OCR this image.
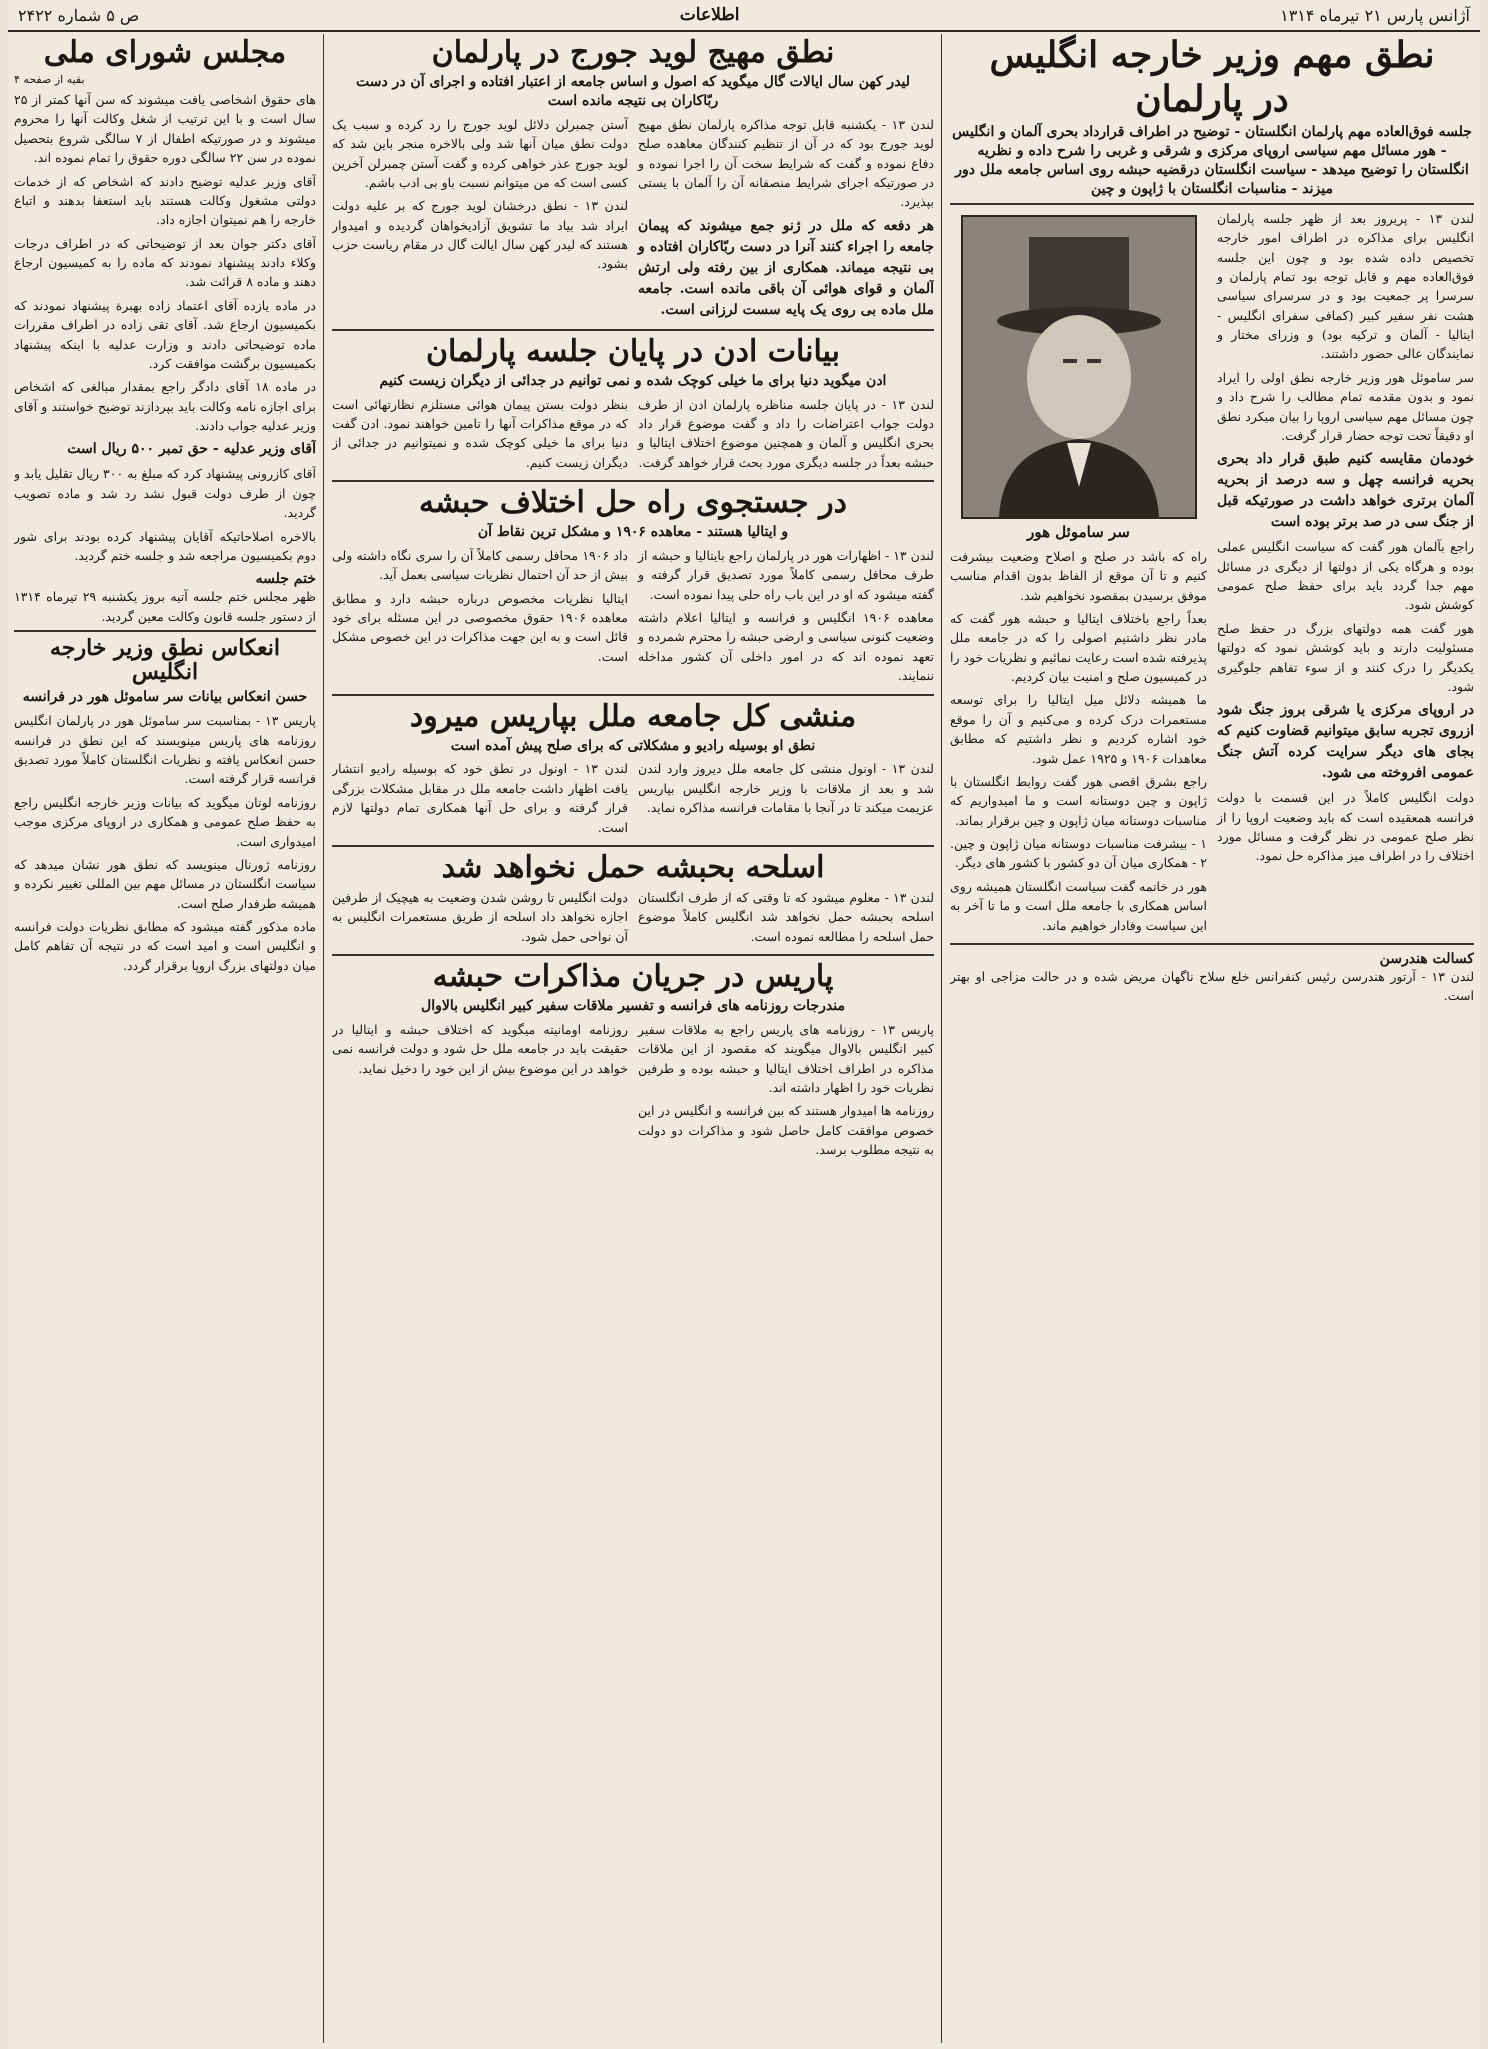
آژانس پارس ۲۱ تیرماه ۱۳۱۴
اطلاعات
ص ۵ شماره ۲۴۲۲
نطق مهم وزیر خارجه انگلیس
در پارلمان
جلسه فوق‌العاده مهم پارلمان انگلستان - توضیح در اطراف قرارداد بحری آلمان و انگلیس - هور مسائل مهم سیاسی اروپای مرکزی و شرقی و غربی را شرح داده و نظریه انگلستان را توضیح میدهد - سیاست انگلستان درقضیه حبشه روی اساس جامعه ملل دور میزند - مناسبات انگلستان با ژاپون و چین

لندن ۱۳ - پریروز بعد از ظهر جلسه پارلمان انگلیس برای مذاکره در اطراف امور خارجه تخصیص داده شده بود و چون این جلسه فوق‌العاده مهم و قابل توجه بود تمام پارلمان و سرسرا پر جمعیت بود و در سرسرای سیاسی هشت نفر سفیر کبیر (کمافی سفرای انگلیس - ایتالیا - آلمان و ترکیه بود) و وزرای مختار و نمایندگان عالی حضور داشتند.

سر ساموئل هور وزیر خارجه نطق اولی را ایراد نمود و بدون مقدمه تمام مطالب را شرح داد و چون مسائل مهم سیاسی اروپا را بیان میکرد نطق او دقیقاً تحت توجه حضار قرار گرفت.

خودمان مقایسه کنیم طبق قرار داد بحری بحریه فرانسه چهل و سه درصد از بحریه آلمان برتری خواهد داشت در صورتیکه قبل از جنگ سی در صد برتر بوده است

راجع بآلمان هور گفت که سیاست انگلیس عملی بوده و هرگاه یکی از دولتها از دیگری در مسائل مهم جدا گردد باید برای حفظ صلح عمومی کوشش شود.

هور گفت همه دولتهای بزرگ در حفظ صلح مسئولیت دارند و باید کوشش نمود که دولتها یکدیگر را درک کنند و از سوء تفاهم جلوگیری شود.

در اروپای مرکزی یا شرقی بروز جنگ شود ازروی تجربه سابق میتوانیم قضاوت کنیم که بجای های دیگر سرایت کرده آتش جنگ عمومی افروخته می شود.

دولت انگلیس کاملاً در این قسمت با دولت فرانسه همعقیده است که باید وضعیت اروپا را از نظر صلح عمومی در نظر گرفت و مسائل مورد اختلاف را در اطراف میز مذاکره حل نمود.

سر ساموئل هور

راه که باشد در صلح و اصلاح وضعیت بیشرفت کنیم و تا آن موقع از الفاظ بدون اقدام مناسب موفق برسیدن بمقصود نخواهیم شد.

بعداً راجع باختلاف ایتالیا و حبشه هور گفت که مادر نظر داشتیم اصولی را که در جامعه ملل پذیرفته شده است رعایت نمائیم و نظریات خود را در کمیسیون صلح و امنیت بیان کردیم.

ما همیشه دلائل میل ایتالیا را برای توسعه مستعمرات درک کرده و می‌کنیم و آن را موقع خود اشاره کردیم و نظر داشتیم که مطابق معاهدات ۱۹۰۶ و ۱۹۲۵ عمل شود.

راجع بشرق اقصی هور گفت روابط انگلستان با ژاپون و چین دوستانه است و ما امیدواریم که مناسبات دوستانه میان ژاپون و چین برقرار بماند.

۱ - بیشرفت مناسبات دوستانه میان ژاپون و چین. ۲ - همکاری میان آن دو کشور با کشور های دیگر.

هور در خاتمه گفت سیاست انگلستان همیشه روی اساس همکاری با جامعه ملل است و ما تا آخر به این سیاست وفادار خواهیم ماند.

کسالت هندرسن

لندن ۱۳ - آرتور هندرسن رئیس کنفرانس خلع سلاح ناگهان مریض شده و در حالت مزاجی او بهتر است.

نطق مهیج لوید جورج در پارلمان
لیدر کهن سال ایالات گال میگوید که اصول و اساس جامعه از اعتبار افتاده و اجرای آن در دست ربّاکاران بی نتیجه مانده است

لندن ۱۳ - یکشنبه قابل توجه مذاکره پارلمان نطق مهیج لوید جورج بود که در آن از تنظیم کنندگان معاهده صلح دفاع نموده و گفت که شرایط سخت آن را اجرا نموده و در صورتیکه اجرای شرایط منصفانه آن را آلمان با یستی بپذیرد.

هر دفعه که ملل در ژنو جمع میشوند که پیمان جامعه را اجراء کنند آنرا در دست ربّاکاران افتاده و بی نتیجه میماند. همکاری از بین رفته ولی ارتش آلمان و قوای هوائی آن باقی مانده است. جامعه ملل ماده بی روی یک پایه سست لرزانی است.

آستن چمبرلن دلائل لوید جورج را رد کرده و سبب یک دولت نطق میان آنها شد ولی بالاخره منجر باین شد که لوید جورج عذر خواهی کرده و گفت آستن چمبرلن آخرین کسی است که من میتوانم نسبت باو بی ادب باشم.

لندن ۱۳ - نطق درخشان لوید جورج که بر علیه دولت ایراد شد بیاد ما تشویق آزادیخواهان گردیده و امیدوار هستند که لیدر کهن سال ایالت گال در مقام ریاست حزب بشود.

بیانات ادن در پایان جلسه پارلمان
ادن میگوید دنیا برای ما خیلی کوچک شده و نمی توانیم در جدائی از دیگران زیست کنیم

لندن ۱۳ - در پایان جلسه مناظره پارلمان ادن از طرف دولت جواب اعتراضات را داد و گفت موضوع قرار داد بحری انگلیس و آلمان و همچنین موضوع اختلاف ایتالیا و حبشه بعداً در جلسه دیگری مورد بحث قرار خواهد گرفت.

بنظر دولت بستن پیمان هوائی مستلزم نظارتهائی است که در موقع مذاکرات آنها را تامین خواهند نمود. ادن گفت دنیا برای ما خیلی کوچک شده و نمیتوانیم در جدائی از دیگران زیست کنیم.

در جستجوی راه حل اختلاف حبشه
و ایتالیا هستند - معاهده ۱۹۰۶ و مشکل ترین نقاط آن

لندن ۱۳ - اظهارات هور در پارلمان راجع بایتالیا و حبشه از طرف محافل رسمی کاملاً مورد تصدیق قرار گرفته و گفته میشود که او در این باب راه حلی پیدا نموده است.

معاهده ۱۹۰۶ انگلیس و فرانسه و ایتالیا اعلام داشته وضعیت کنونی سیاسی و ارضی حبشه را محترم شمرده و تعهد نموده اند که در امور داخلی آن کشور مداخله ننمایند.

داد ۱۹۰۶ محافل رسمی کاملاً آن را سری نگاه داشته ولی بیش از حد آن احتمال نظریات سیاسی بعمل آید.

ایتالیا نظریات مخصوص درباره حبشه دارد و مطابق معاهده ۱۹۰۶ حقوق مخصوصی در این مسئله برای خود قائل است و به این جهت مذاکرات در این خصوص مشکل است.

منشی کل جامعه ملل بپاریس میرود
نطق او بوسیله رادیو و مشکلاتی که برای صلح پیش آمده است

لندن ۱۳ - اونول منشی کل جامعه ملل دیروز وارد لندن شد و بعد از ملاقات با وزیر خارجه انگلیس بپاریس عزیمت میکند تا در آنجا با مقامات فرانسه مذاکره نماید.

لندن ۱۳ - اونول در نطق خود که بوسیله رادیو انتشار یافت اظهار داشت جامعه ملل در مقابل مشکلات بزرگی قرار گرفته و برای حل آنها همکاری تمام دولتها لازم است.

اسلحه بحبشه حمل نخواهد شد

لندن ۱۳ - معلوم میشود که تا وقتی که از طرف انگلستان اسلحه بحبشه حمل نخواهد شد انگلیس کاملاً موضوع حمل اسلحه را مطالعه نموده است.

دولت انگلیس تا روشن شدن وضعیت به هیچیک از طرفین اجازه نخواهد داد اسلحه از طریق مستعمرات انگلیس به آن نواحی حمل شود.

پاریس در جریان مذاکرات حبشه
مندرجات روزنامه های فرانسه و تفسیر ملاقات سفیر کبیر انگلیس بالاوال

پاریس ۱۳ - روزنامه های پاریس راجع به ملاقات سفیر کبیر انگلیس بالاوال میگویند که مقصود از این ملاقات مذاکره در اطراف اختلاف ایتالیا و حبشه بوده و طرفین نظریات خود را اظهار داشته اند.

روزنامه ها امیدوار هستند که بین فرانسه و انگلیس در این خصوص موافقت کامل حاصل شود و مذاکرات دو دولت به نتیجه مطلوب برسد.

روزنامه اومانیته میگوید که اختلاف حبشه و ایتالیا در حقیقت باید در جامعه ملل حل شود و دولت فرانسه نمی خواهد در این موضوع بیش از این خود را دخیل نماید.

مجلس شورای ملی
بقیه از صفحه ۴

های حقوق اشخاصی یافت میشوند که سن آنها کمتر از ۲۵ سال است و با این ترتیب از شغل وکالت آنها را محروم میشوند و در صورتیکه اطفال از ۷ سالگی شروع بتحصیل نموده در سن ۲۲ سالگی دوره حقوق را تمام نموده اند.

آقای وزیر عدلیه توضیح دادند که اشخاص که از خدمات دولتی مشغول وکالت هستند باید استعفا بدهند و اتباع خارجه را هم نمیتوان اجازه داد.

آقای دکتر جوان بعد از توضیحاتی که در اطراف درجات وکلاء دادند پیشنهاد نمودند که ماده را به کمیسیون ارجاع دهند و ماده ۸ قرائت شد.

در ماده یازده آقای اعتماد زاده بهبرة پیشنهاد نمودند که بکمیسیون ارجاع شد. آقای تقی زاده در اطراف مقررات ماده توضیحاتی دادند و وزارت عدلیه با اینکه پیشنهاد بکمیسیون برگشت موافقت کرد.

در ماده ۱۸ آقای دادگر راجع بمقدار مبالغی که اشخاص برای اجازه نامه وکالت باید بپردازند توضیح خواستند و آقای وزیر عدلیه جواب دادند.

آقای وزیر عدلیه - حق تمبر ۵۰۰ ریال است

آقای کازرونی پیشنهاد کرد که مبلغ به ۳۰۰ ریال تقلیل یابد و چون از طرف دولت قبول نشد رد شد و ماده تصویب گردید.

بالاخره اصلاحاتیکه آقایان پیشنهاد کرده بودند برای شور دوم بکمیسیون مراجعه شد و جلسه ختم گردید.

ختم جلسه

ظهر مجلس ختم جلسه آتیه بروز یکشنبه ۲۹ تیرماه ۱۳۱۴ از دستور جلسه قانون وکالت معین گردید.

انعکاس نطق وزیر خارجه انگلیس
حسن انعکاس بیانات سر ساموئل هور در فرانسه

پاریس ۱۳ - بمناسبت سر ساموئل هور در پارلمان انگلیس روزنامه های پاریس مینویسند که این نطق در فرانسه حسن انعکاس یافته و نظریات انگلستان کاملاً مورد تصدیق فرانسه قرار گرفته است.

روزنامه لوتان میگوید که بیانات وزیر خارجه انگلیس راجع به حفظ صلح عمومی و همکاری در اروپای مرکزی موجب امیدواری است.

روزنامه ژورنال مینویسد که نطق هور نشان میدهد که سیاست انگلستان در مسائل مهم بین المللی تغییر نکرده و همیشه طرفدار صلح است.

ماده مذکور گفته میشود که مطابق نظریات دولت فرانسه و انگلیس است و امید است که در نتیجه آن تفاهم کامل میان دولتهای بزرگ اروپا برقرار گردد.
